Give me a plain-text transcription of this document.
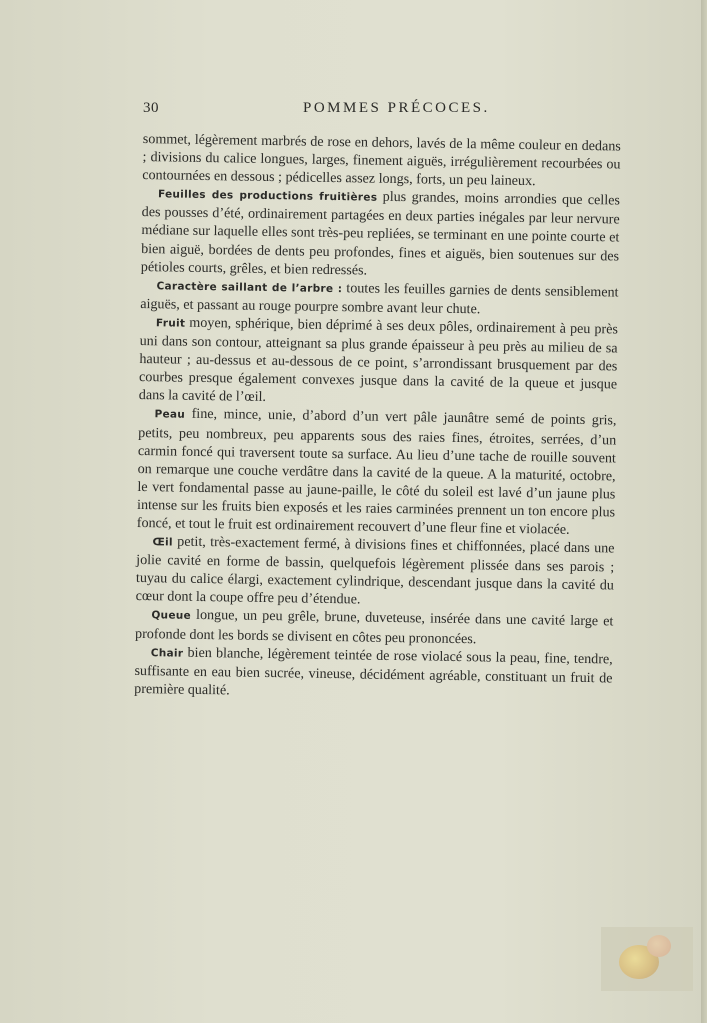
30	POMMES PRÉCOCES.

sommet, légèrement marbrés de rose en dehors, lavés de la même couleur en dedans ; divisions du calice longues, larges, finement aiguës, irrégulièrement recourbées ou contournées en dessous ; pédicelles assez longs, forts, un peu laineux.

Feuilles des productions fruitières plus grandes, moins arrondies que celles des pousses d’été, ordinairement partagées en deux parties inégales par leur nervure médiane sur laquelle elles sont très-peu repliées, se terminant en une pointe courte et bien aiguë, bordées de dents peu profondes, fines et aiguës, bien soutenues sur des pétioles courts, grêles, et bien redressés.

Caractère saillant de l’arbre : toutes les feuilles garnies de dents sensiblement aiguës, et passant au rouge pourpre sombre avant leur chute.

Fruit moyen, sphérique, bien déprimé à ses deux pôles, ordinairement à peu près uni dans son contour, atteignant sa plus grande épaisseur à peu près au milieu de sa hauteur ; au-dessus et au-dessous de ce point, s’arrondissant brusquement par des courbes presque également convexes jusque dans la cavité de la queue et jusque dans la cavité de l’œil.

Peau fine, mince, unie, d’abord d’un vert pâle jaunâtre semé de points gris, petits, peu nombreux, peu apparents sous des raies fines, étroites, serrées, d’un carmin foncé qui traversent toute sa surface. Au lieu d’une tache de rouille souvent on remarque une couche verdâtre dans la cavité de la queue. A la maturité, octobre, le vert fondamental passe au jaune-paille, le côté du soleil est lavé d’un jaune plus intense sur les fruits bien exposés et les raies carminées prennent un ton encore plus foncé, et tout le fruit est ordinairement recouvert d’une fleur fine et violacée.

Œil petit, très-exactement fermé, à divisions fines et chiffonnées, placé dans une jolie cavité en forme de bassin, quelquefois légèrement plissée dans ses parois ; tuyau du calice élargi, exactement cylindrique, descendant jusque dans la cavité du cœur dont la coupe offre peu d’étendue.

Queue longue, un peu grêle, brune, duveteuse, insérée dans une cavité large et profonde dont les bords se divisent en côtes peu prononcées.

Chair bien blanche, légèrement teintée de rose violacé sous la peau, fine, tendre, suffisante en eau bien sucrée, vineuse, décidément agréable, constituant un fruit de première qualité.
